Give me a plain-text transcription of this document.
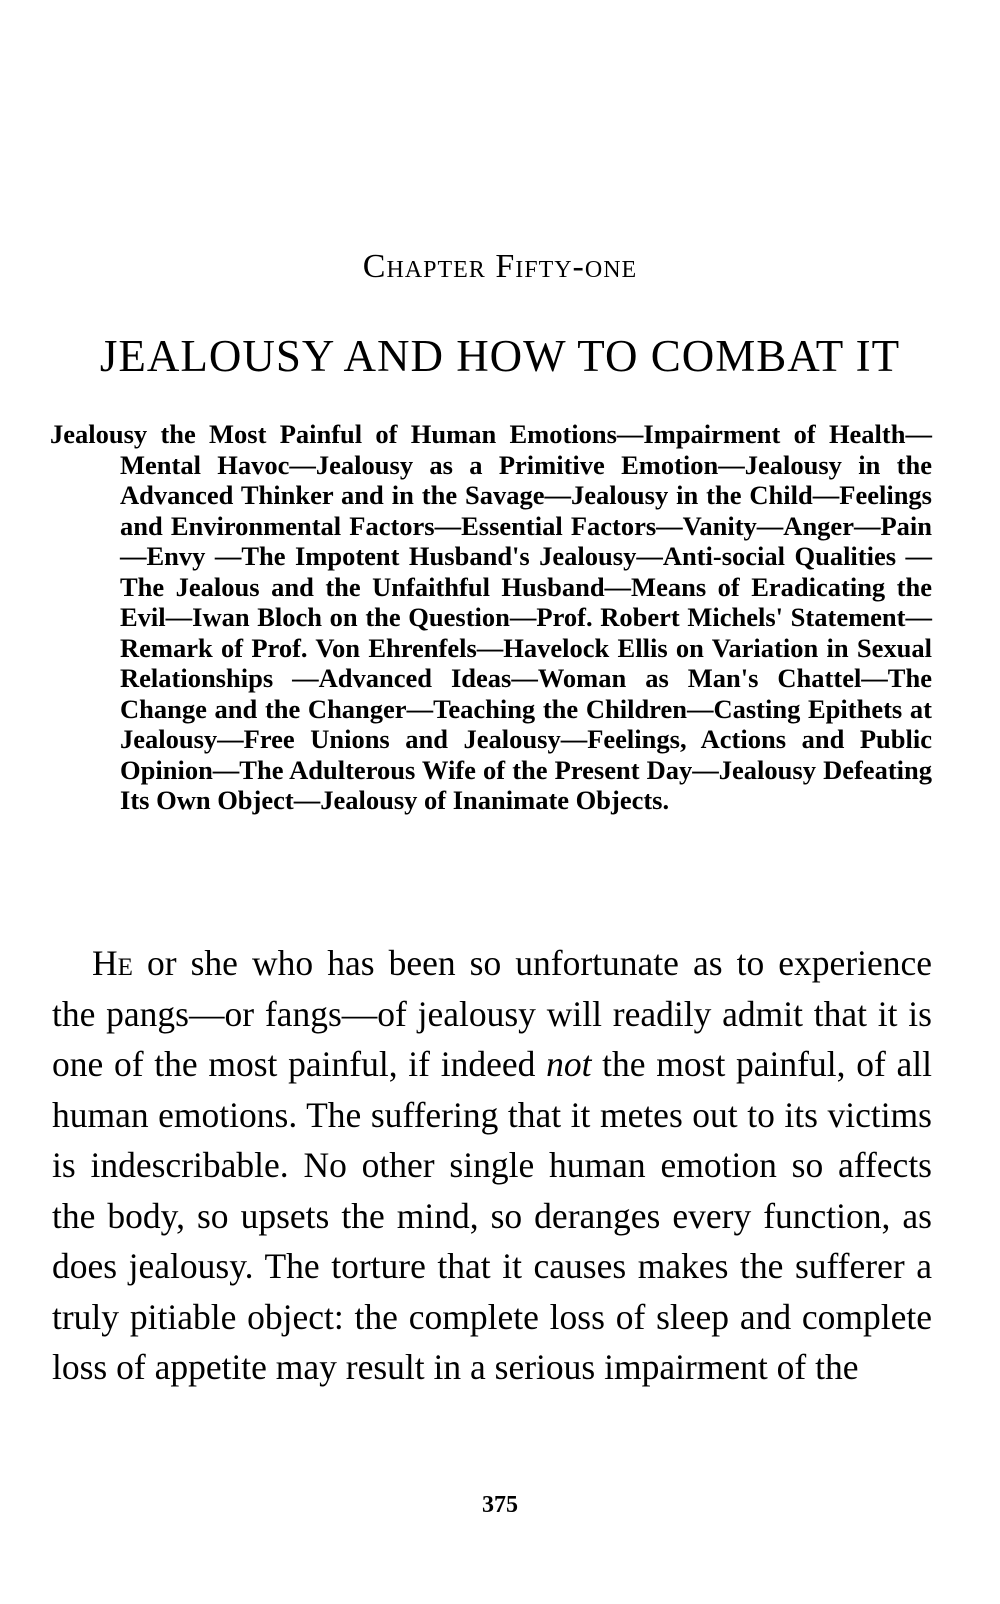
Chapter Fifty-one
JEALOUSY AND HOW TO COMBAT IT
Jealousy the Most Painful of Human Emotions—Impairment of Health—Mental Havoc—Jealousy as a Primitive Emotion—Jealousy in the Advanced Thinker and in the Savage—Jealousy in the Child—Feelings and Environmental Factors—Essential Factors—Vanity—Anger—Pain—Envy —The Impotent Husband's Jealousy—Anti-social Qualities —The Jealous and the Unfaithful Husband—Means of Eradicating the Evil—Iwan Bloch on the Question—Prof. Robert Michels' Statement—Remark of Prof. Von Ehrenfels—Havelock Ellis on Variation in Sexual Relationships —Advanced Ideas—Woman as Man's Chattel—The Change and the Changer—Teaching the Children—Casting Epithets at Jealousy—Free Unions and Jealousy—Feelings, Actions and Public Opinion—The Adulterous Wife of the Present Day—Jealousy Defeating Its Own Object—Jealousy of Inanimate Objects.
He or she who has been so unfortunate as to experience the pangs—or fangs—of jealousy will readily admit that it is one of the most painful, if indeed not the most painful, of all human emotions. The suffering that it metes out to its victims is indescribable. No other single human emotion so affects the body, so upsets the mind, so deranges every function, as does jealousy. The torture that it causes makes the sufferer a truly pitiable object: the complete loss of sleep and complete loss of appetite may result in a serious impairment of the
375
